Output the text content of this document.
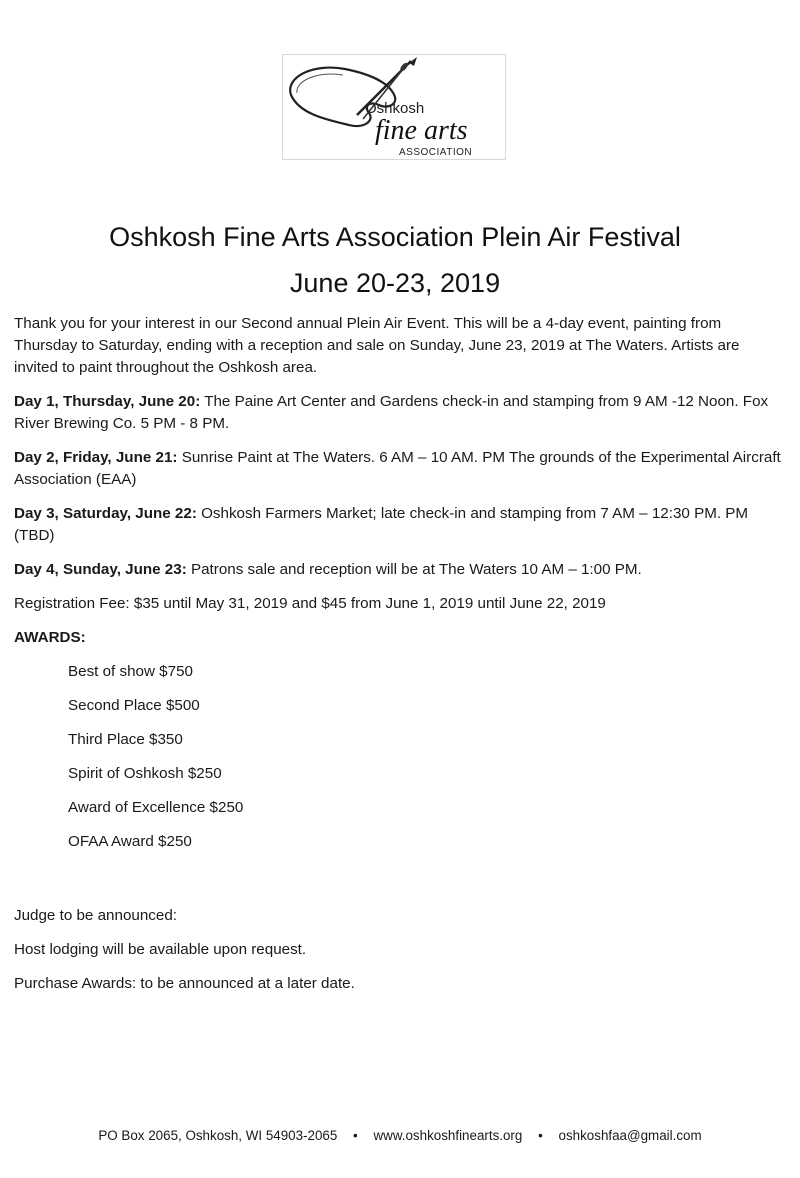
Oshkosh
fine arts
ASSOCIATION
Oshkosh Fine Arts Association Plein Air Festival
June 20-23, 2019

Thank you for your interest in our Second annual Plein Air Event. This will be a 4-day event, painting from Thursday to Saturday, ending with a reception and sale on Sunday, June 23, 2019 at The Waters. Artists are invited to paint throughout the Oshkosh area.

Day 1, Thursday, June 20: The Paine Art Center and Gardens check-in and stamping from 9 AM -12 Noon. Fox River Brewing Co. 5 PM - 8 PM.

Day 2, Friday, June 21: Sunrise Paint at The Waters. 6 AM – 10 AM. PM The grounds of the Experimental Aircraft Association (EAA)

Day 3, Saturday, June 22: Oshkosh Farmers Market; late check-in and stamping from 7 AM – 12:30 PM. PM (TBD)

Day 4, Sunday, June 23: Patrons sale and reception will be at The Waters 10 AM – 1:00 PM.

Registration Fee: $35 until May 31, 2019 and $45 from June 1, 2019 until June 22, 2019

AWARDS:

Best of show $750
Second Place $500
Third Place $350
Spirit of Oshkosh $250
Award of Excellence $250
OFAA Award $250

Judge to be announced:

Host lodging will be available upon request.

Purchase Awards: to be announced at a later date.

PO Box 2065, Oshkosh, WI 54903-2065 • www.oshkoshfinearts.org • oshkoshfaa@gmail.com
